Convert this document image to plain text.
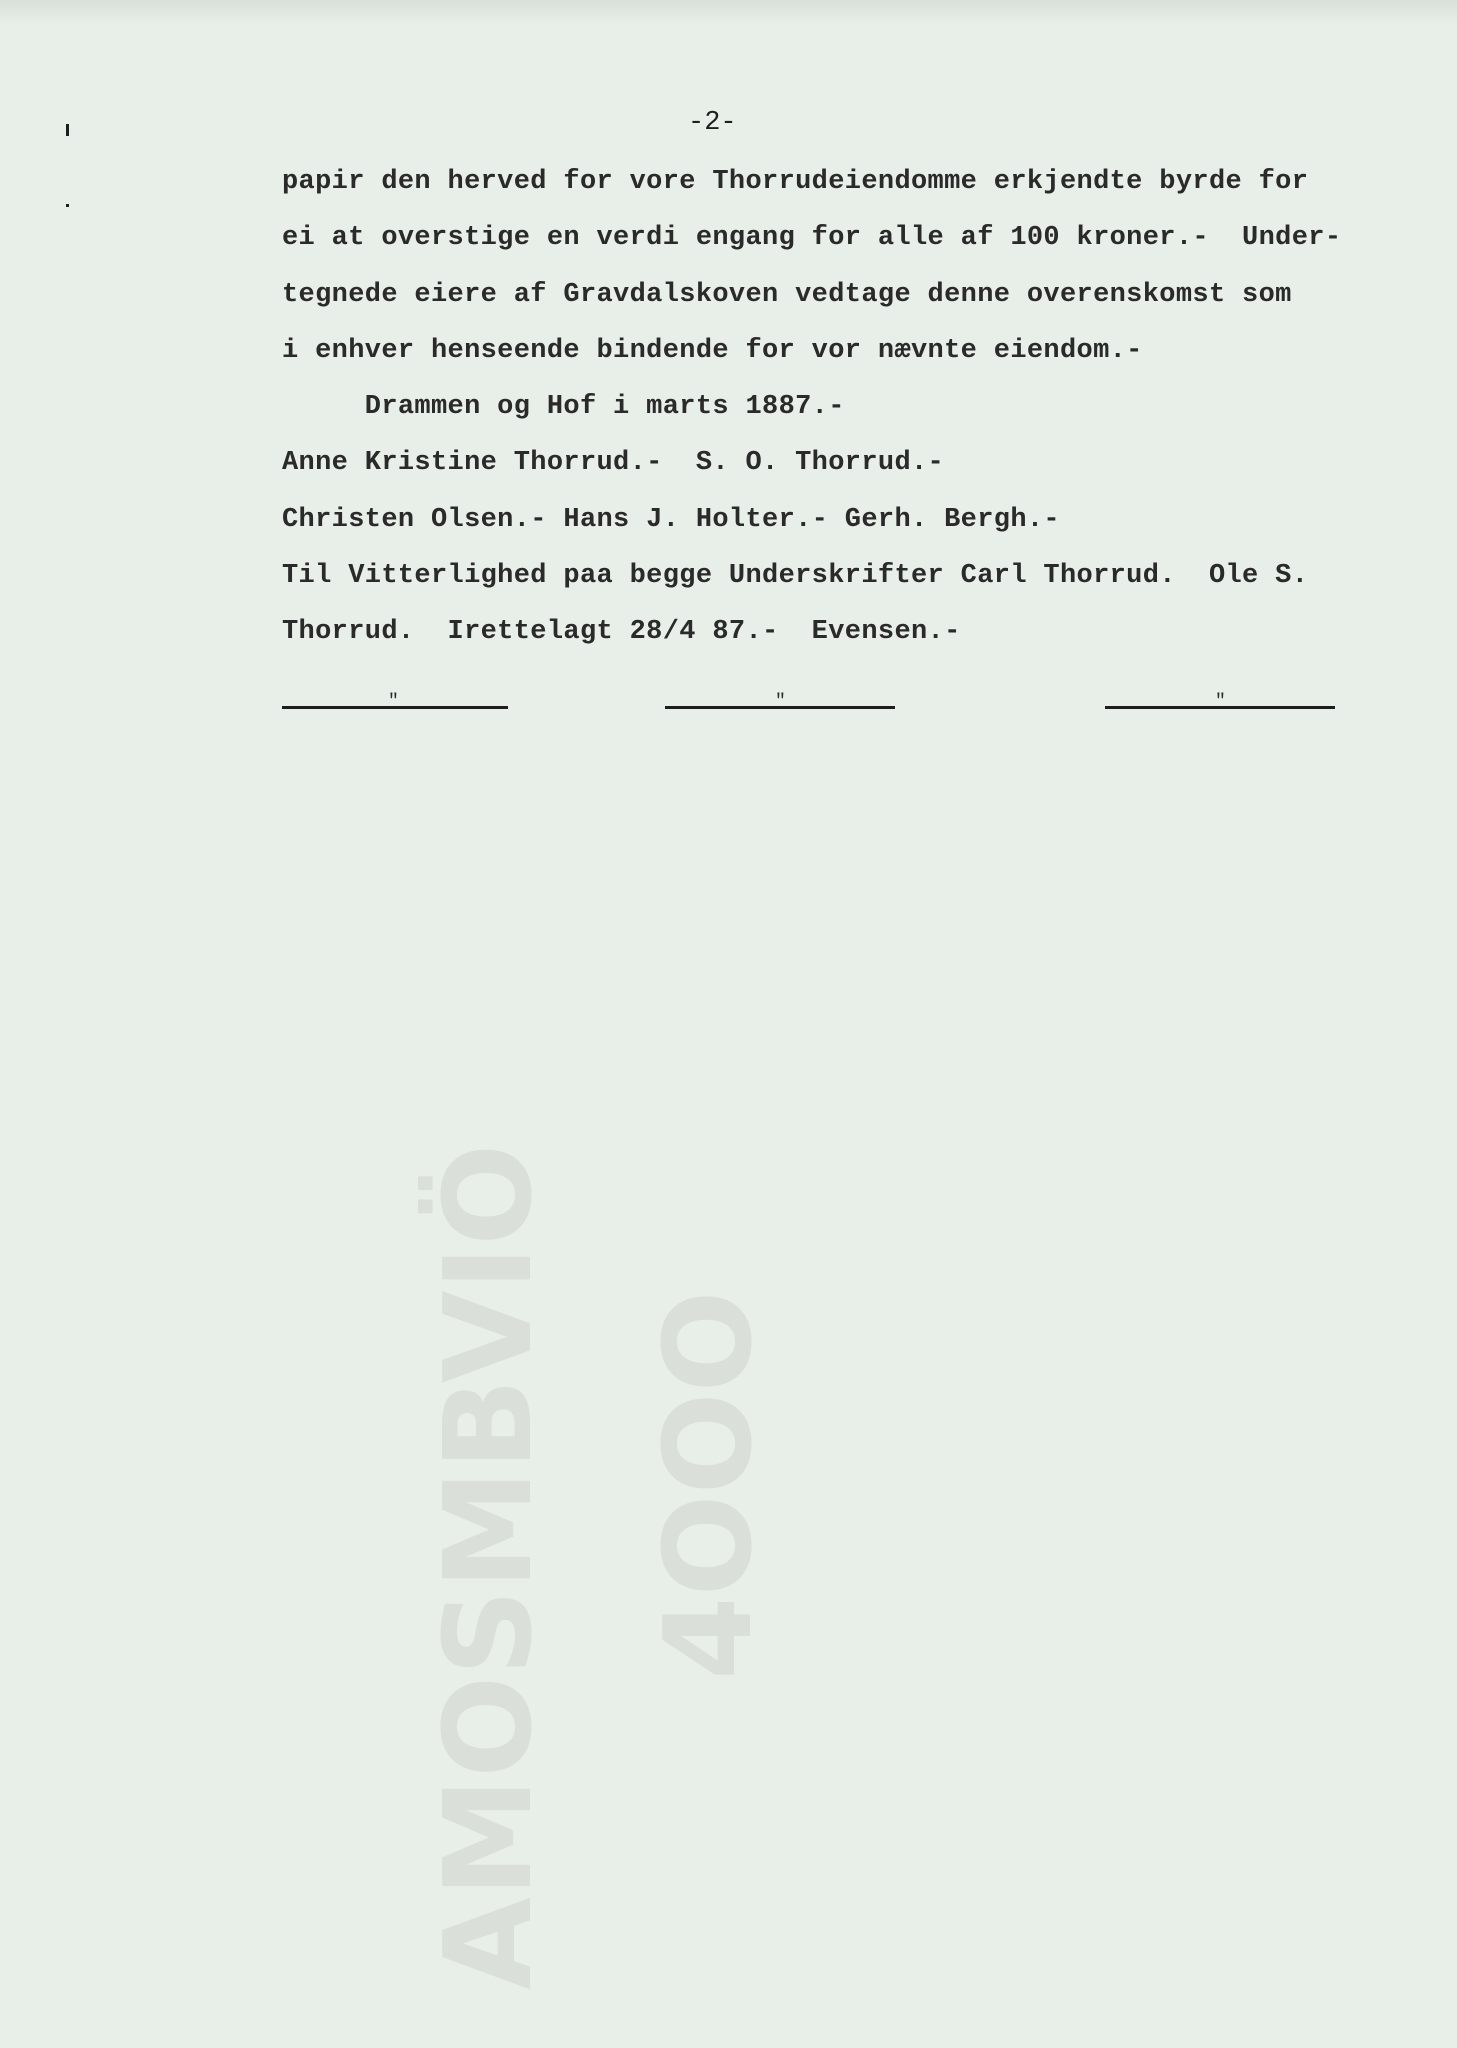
AMOSMBVIÖ 4OOO
-2-
papir den herved for vore Thorrudeiendomme erkjendte byrde for
ei at overstige en verdi engang for alle af 100 kroner.-  Under-
tegnede eiere af Gravdalskoven vedtage denne overenskomst som
i enhver henseende bindende for vor nævnte eiendom.-
Drammen og Hof i marts 1887.-
Anne Kristine Thorrud.-  S. O. Thorrud.-
Christen Olsen.- Hans J. Holter.- Gerh. Bergh.-
Til Vitterlighed paa begge Underskrifter Carl Thorrud.  Ole S.
Thorrud.  Irettelagt 28/4 87.-  Evensen.-
"	"	"
